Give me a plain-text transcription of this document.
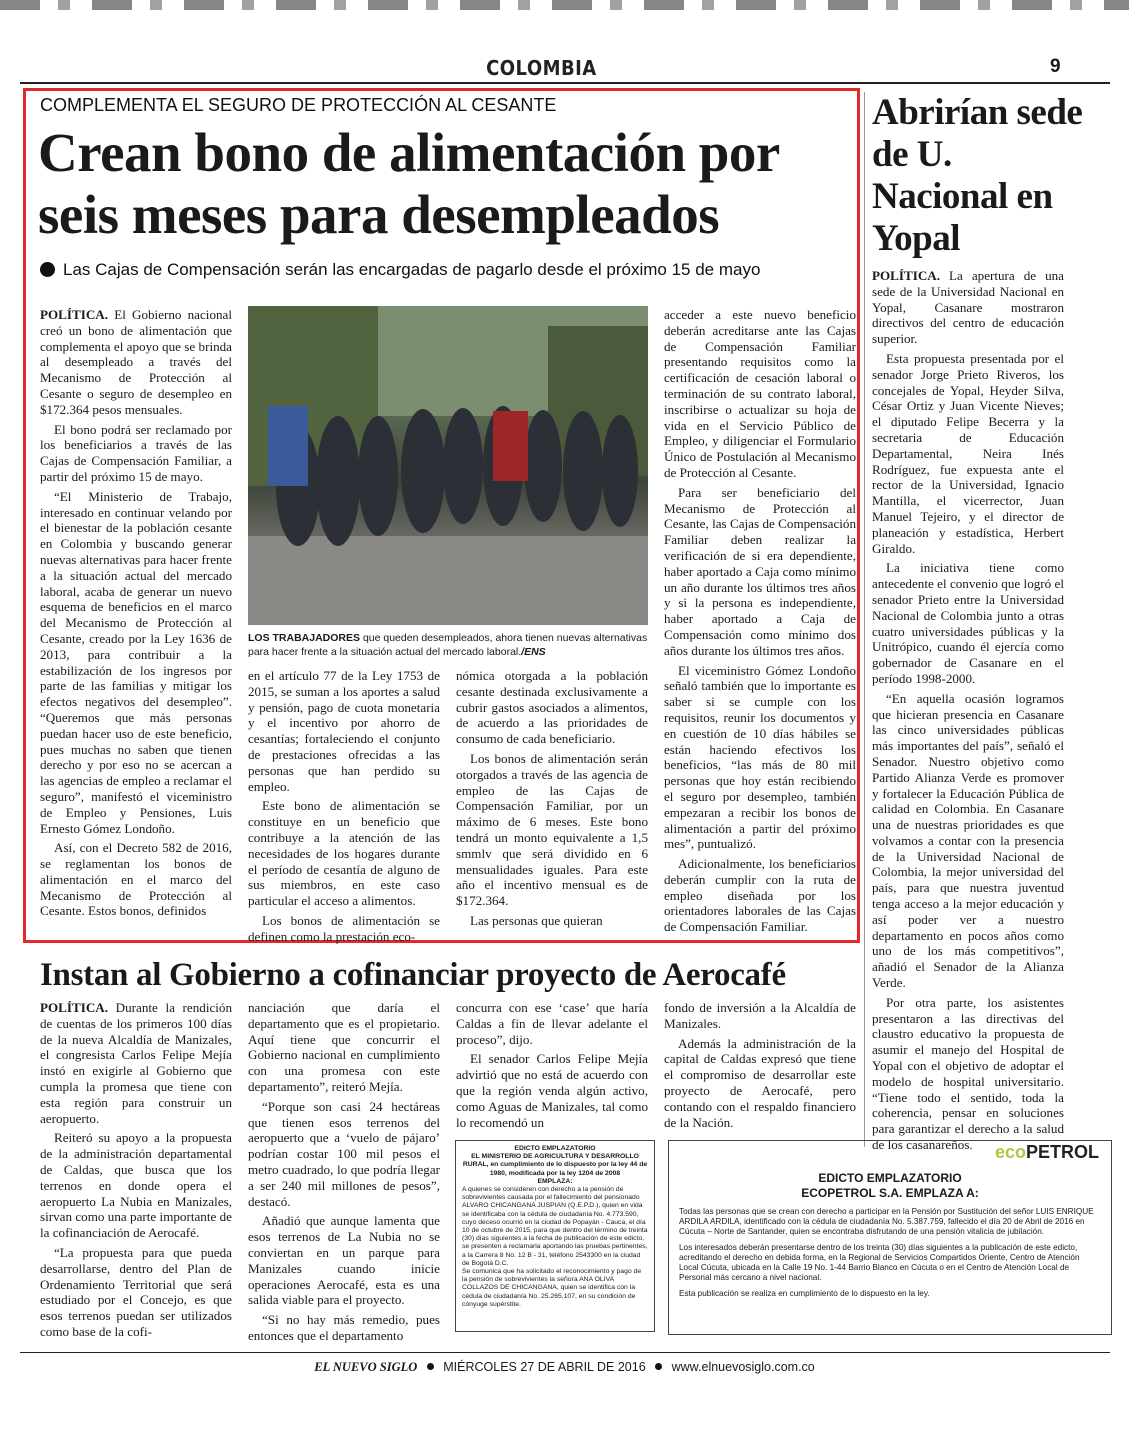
COLOMBIA	9
COMPLEMENTA EL SEGURO DE PROTECCIÓN AL CESANTE
Crean bono de alimentación por seis meses para desempleados
Las Cajas de Compensación serán las encargadas de pagarlo desde el próximo 15 de mayo

POLÍTICA. El Gobierno nacional creó un bono de alimentación que complementa el apoyo que se brinda al desempleado a través del Mecanismo de Protección al Cesante o seguro de desempleo en $172.364 pesos mensuales.

El bono podrá ser reclamado por los beneficiarios a través de las Cajas de Compensación Familiar, a partir del próximo 15 de mayo.

“El Ministerio de Trabajo, interesado en continuar velando por el bienestar de la población cesante en Colombia y buscando generar nuevas alternativas para hacer frente a la situación actual del mercado laboral, acaba de generar un nuevo esquema de beneficios en el marco del Mecanismo de Protección al Cesante, creado por la Ley 1636 de 2013, para contribuir a la estabilización de los ingresos por parte de las familias y mitigar los efectos negativos del desempleo”. “Queremos que más personas puedan hacer uso de este beneficio, pues muchas no saben que tienen derecho y por eso no se acercan a las agencias de empleo a reclamar el seguro”, manifestó el viceministro de Empleo y Pensiones, Luis Ernesto Gómez Londoño.

Así, con el Decreto 582 de 2016, se reglamentan los bonos de alimentación en el marco del Mecanismo de Protección al Cesante. Estos bonos, definidos

LOS TRABAJADORES que queden desempleados, ahora tienen nuevas alternativas para hacer frente a la situación actual del mercado laboral./ENS

en el artículo 77 de la Ley 1753 de 2015, se suman a los aportes a salud y pensión, pago de cuota monetaria y el incentivo por ahorro de cesantías; fortaleciendo el conjunto de prestaciones ofrecidas a las personas que han perdido su empleo.

Este bono de alimentación se constituye en un beneficio que contribuye a la atención de las necesidades de los hogares durante el período de cesantía de alguno de sus miembros, en este caso particular el acceso a alimentos.

Los bonos de alimentación se definen como la prestación eco-

nómica otorgada a la población cesante destinada exclusivamente a cubrir gastos asociados a alimentos, de acuerdo a las prioridades de consumo de cada beneficiario.

Los bonos de alimentación serán otorgados a través de las agencia de empleo de las Cajas de Compensación Familiar, por un máximo de 6 meses. Este bono tendrá un monto equivalente a 1,5 smmlv que será dividido en 6 mensualidades iguales. Para este año el incentivo mensual es de $172.364.

Las personas que quieran

acceder a este nuevo beneficio deberán acreditarse ante las Cajas de Compensación Familiar presentando requisitos como la certificación de cesación laboral o terminación de su contrato laboral, inscribirse o actualizar su hoja de vida en el Servicio Público de Empleo, y diligenciar el Formulario Único de Postulación al Mecanismo de Protección al Cesante.

Para ser beneficiario del Mecanismo de Protección al Cesante, las Cajas de Compensación Familiar deben realizar la verificación de si era dependiente, haber aportado a Caja como mínimo un año durante los últimos tres años y si la persona es independiente, haber aportado a Caja de Compensación como mínimo dos años durante los últimos tres años.

El viceministro Gómez Londoño señaló también que lo importante es saber si se cumple con los requisitos, reunir los documentos y en cuestión de 10 días hábiles se están haciendo efectivos los beneficios, “las más de 80 mil personas que hoy están recibiendo el seguro por desempleo, también empezaran a recibir los bonos de alimentación a partir del próximo mes”, puntualizó.

Adicionalmente, los beneficiarios deberán cumplir con la ruta de empleo diseñada por los orientadores laborales de las Cajas de Compensación Familiar.

Abrirían sede de U. Nacional en Yopal

POLÍTICA. La apertura de una sede de la Universidad Nacional en Yopal, Casanare mostraron directivos del centro de educación superior.

Esta propuesta presentada por el senador Jorge Prieto Riveros, los concejales de Yopal, Heyder Silva, César Ortiz y Juan Vicente Nieves; el diputado Felipe Becerra y la secretaria de Educación Departamental, Neira Inés Rodríguez, fue expuesta ante el rector de la Universidad, Ignacio Mantilla, el vicerrector, Juan Manuel Tejeiro, y el director de planeación y estadística, Herbert Giraldo.

La iniciativa tiene como antecedente el convenio que logró el senador Prieto entre la Universidad Nacional de Colombia junto a otras cuatro universidades públicas y la Unitrópico, cuando él ejercía como gobernador de Casanare en el período 1998-2000.

“En aquella ocasión logramos que hicieran presencia en Casanare las cinco universidades públicas más importantes del país”, señaló el Senador. Nuestro objetivo como Partido Alianza Verde es promover y fortalecer la Educación Pública de calidad en Colombia. En Casanare una de nuestras prioridades es que volvamos a contar con la presencia de la Universidad Nacional de Colombia, la mejor universidad del país, para que nuestra juventud tenga acceso a la mejor educación y así poder ver a nuestro departamento en pocos años como uno de los más competitivos”, añadió el Senador de la Alianza Verde.

Por otra parte, los asistentes presentaron a las directivas del claustro educativo la propuesta de asumir el manejo del Hospital de Yopal con el objetivo de adoptar el modelo de hospital universitario. “Tiene todo el sentido, toda la coherencia, pensar en soluciones para garantizar el derecho a la salud de los casanareños.

Instan al Gobierno a cofinanciar proyecto de Aerocafé

POLÍTICA. Durante la rendición de cuentas de los primeros 100 días de la nueva Alcaldía de Manizales, el congresista Carlos Felipe Mejía instó en exigirle al Gobierno que cumpla la promesa que tiene con esta región para construir un aeropuerto.

Reiteró su apoyo a la propuesta de la administración departamental de Caldas, que busca que los terrenos en donde opera el aeropuerto La Nubia en Manizales, sirvan como una parte importante de la cofinanciación de Aerocafé.

“La propuesta para que pueda desarrollarse, dentro del Plan de Ordenamiento Territorial que será estudiado por el Concejo, es que esos terrenos puedan ser utilizados como base de la cofi-

nanciación que daría el departamento que es el propietario. Aquí tiene que concurrir el Gobierno nacional en cumplimiento con una promesa con este departamento”, reiteró Mejía.

“Porque son casi 24 hectáreas que tienen esos terrenos del aeropuerto que a ‘vuelo de pájaro’ podrían costar 100 mil pesos el metro cuadrado, lo que podría llegar a ser 240 mil millones de pesos”, destacó.

Añadió que aunque lamenta que esos terrenos de La Nubia no se conviertan en un parque para Manizales cuando inicie operaciones Aerocafé, esta es una salida viable para el proyecto.

“Si no hay más remedio, pues entonces que el departamento

concurra con ese ‘case’ que haría Caldas a fin de llevar adelante el proceso”, dijo.

El senador Carlos Felipe Mejía advirtió que no está de acuerdo con que la región venda algún activo, como Aguas de Manizales, tal como lo recomendó un

fondo de inversión a la Alcaldía de Manizales.

Además la administración de la capital de Caldas expresó que tiene el compromiso de desarrollar este proyecto de Aerocafé, pero contando con el respaldo financiero de la Nación.

EDICTO EMPLAZATORIO
EL MINISTERIO DE AGRICULTURA Y DESARROLLO RURAL, en cumplimiento de lo dispuesto por la ley 44 de 1980, modificada por la ley 1204 de 2008
EMPLAZA:
A quienes se consideren con derecho a la pensión de sobrevivientes causada por el fallecimiento del pensionado ALVARO CHICANGANA JUSPIAN (Q.E.P.D.), quien en vida se identificaba con la cédula de ciudadanía No. 4.773.590, cuyo deceso ocurrió en la ciudad de Popayán - Cauca, el día 10 de octubre de 2015, para que dentro del término de treinta (30) días siguientes a la fecha de publicación de este edicto, se presenten a reclamarla aportando las pruebas pertinentes, a la Carrera 8 No. 12 B - 31, teléfono 2543300 en la ciudad de Bogotá D.C.
Se comunica que ha solicitado el reconocimiento y pago de la pensión de sobrevivientes la señora ANA OLIVA COLLAZOS DE CHICANGANA, quien se identifica con la cédula de ciudadanía No. 25.265.107, en su condición de cónyuge supérstite.
ecoPETROL
EDICTO EMPLAZATORIO
ECOPETROL S.A. EMPLAZA A:

Todas las personas que se crean con derecho a participar en la Pensión por Sustitución del señor LUIS ENRIQUE ARDILA ARDILA, identificado con la cédula de ciudadanía No. 5.387.759, fallecido el día 20 de Abril de 2016 en Cúcuta – Norte de Santander, quien se encontraba disfrutando de una pensión vitalicia de jubilación.

Los interesados deberán presentarse dentro de los treinta (30) días siguientes a la publicación de este edicto, acreditando el derecho en debida forma, en la Regional de Servicios Compartidos Oriente, Centro de Atención Local Cúcuta, ubicada en la Calle 19 No. 1-44 Barrio Blanco en Cúcuta o en el Centro de Atención Local de Personal más cercano a nivel nacional.

Esta publicación se realiza en cumplimiento de lo dispuesto en la ley.

EL NUEVO SIGLO MIÉRCOLES 27 DE ABRIL DE 2016 www.elnuevosiglo.com.co
